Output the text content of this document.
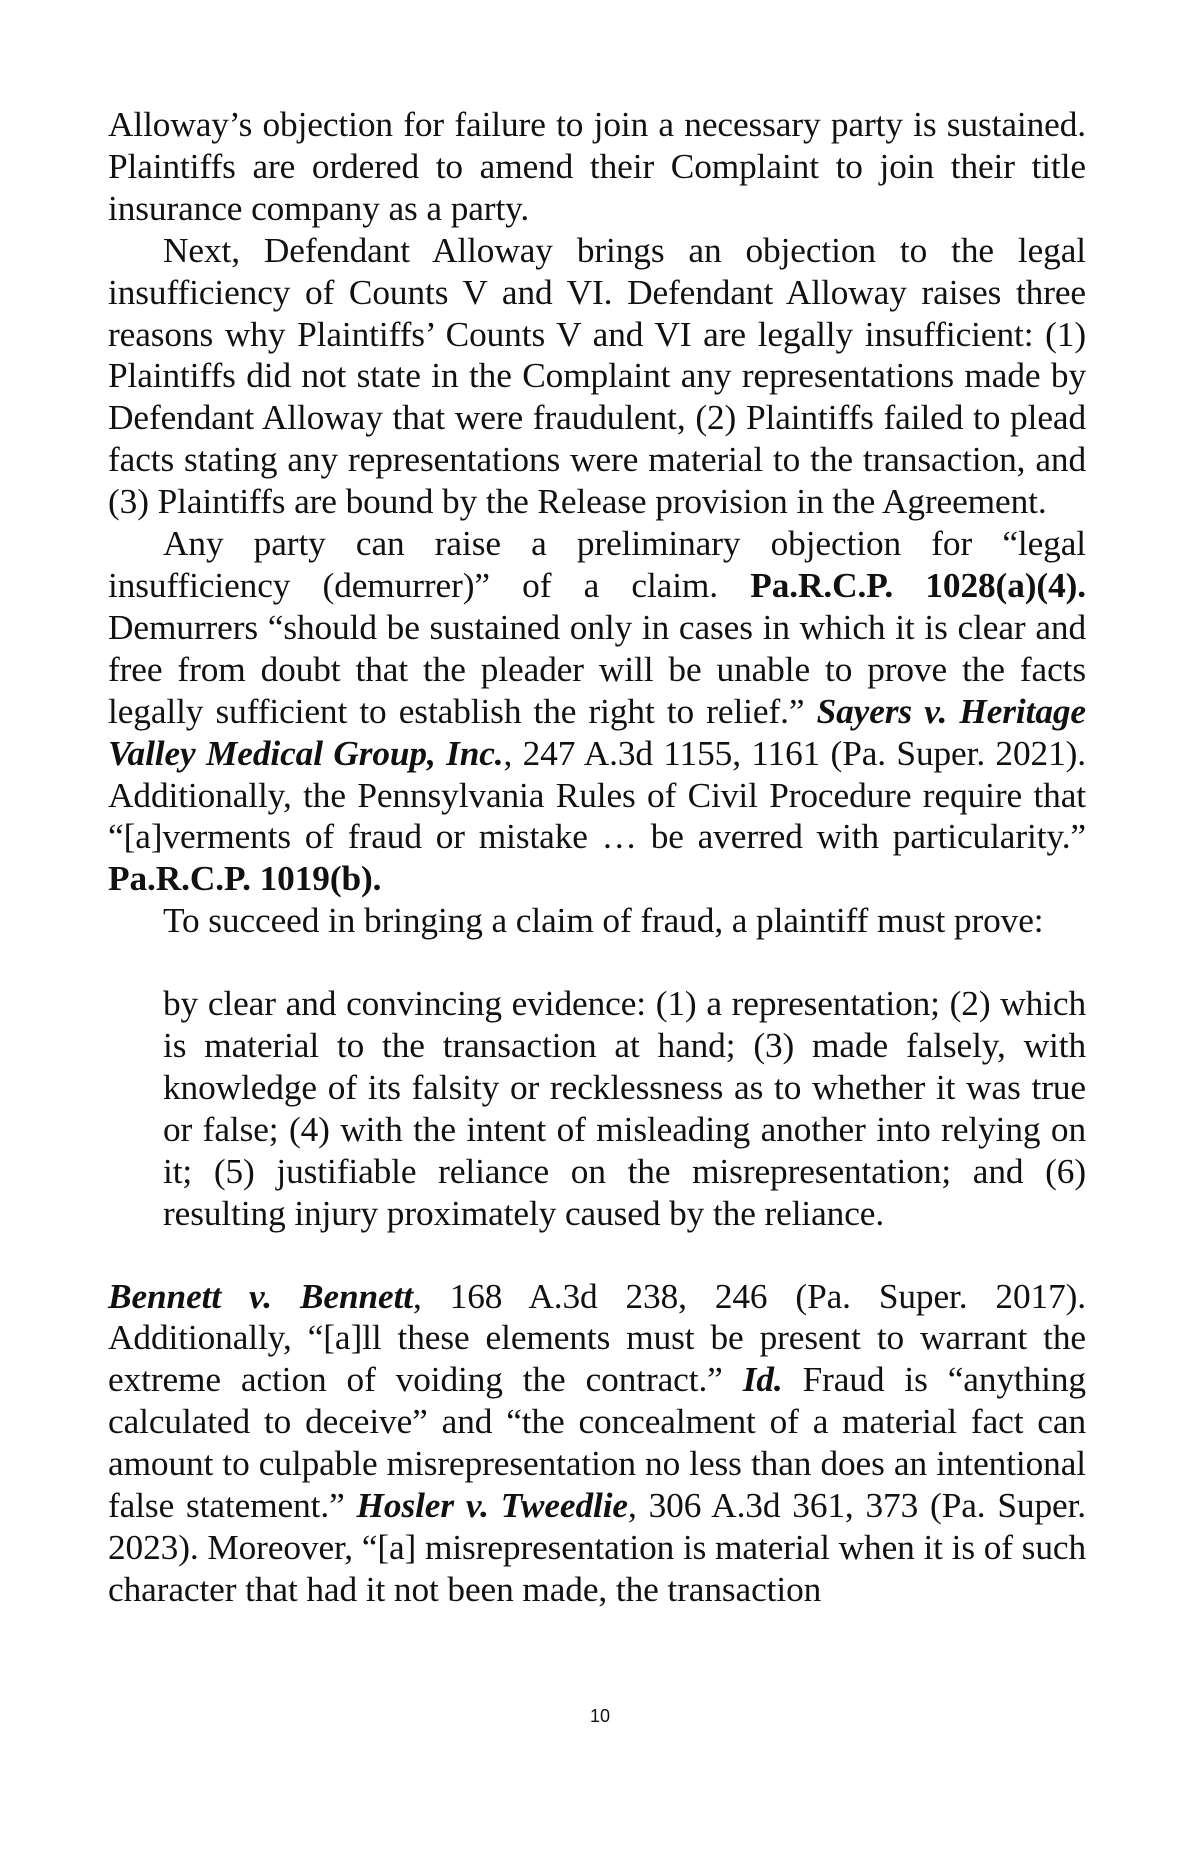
Alloway’s objection for failure to join a necessary party is sustained. Plaintiffs are ordered to amend their Complaint to join their title insurance company as a party.

Next, Defendant Alloway brings an objection to the legal insufficiency of Counts V and VI. Defendant Alloway raises three reasons why Plaintiffs’ Counts V and VI are legally insufficient: (1) Plaintiffs did not state in the Complaint any representations made by Defendant Alloway that were fraudulent, (2) Plaintiffs failed to plead facts stating any representations were material to the transaction, and (3) Plaintiffs are bound by the Release provision in the Agreement.

Any party can raise a preliminary objection for “legal insufficiency (demurrer)” of a claim. Pa.R.C.P. 1028(a)(4). Demurrers “should be sustained only in cases in which it is clear and free from doubt that the pleader will be unable to prove the facts legally sufficient to establish the right to relief.” Sayers v. Heritage Valley Medical Group, Inc., 247 A.3d 1155, 1161 (Pa. Super. 2021). Additionally, the Pennsylvania Rules of Civil Procedure require that “[a]verments of fraud or mistake … be averred with particularity.” Pa.R.C.P. 1019(b).

To succeed in bringing a claim of fraud, a plaintiff must prove:

by clear and convincing evidence: (1) a representation; (2) which is material to the transaction at hand; (3) made falsely, with knowledge of its falsity or recklessness as to whether it was true or false; (4) with the intent of misleading another into relying on it; (5) justifiable reliance on the misrepresentation; and (6) resulting injury proximately caused by the reliance.

Bennett v. Bennett, 168 A.3d 238, 246 (Pa. Super. 2017). Additionally, “[a]ll these elements must be present to warrant the extreme action of voiding the contract.” Id. Fraud is “anything calculated to deceive” and “the concealment of a material fact can amount to culpable misrepresentation no less than does an intentional false statement.” Hosler v. Tweedlie, 306 A.3d 361, 373 (Pa. Super. 2023). Moreover, “[a] misrepresentation is material when it is of such character that had it not been made, the transaction

10
